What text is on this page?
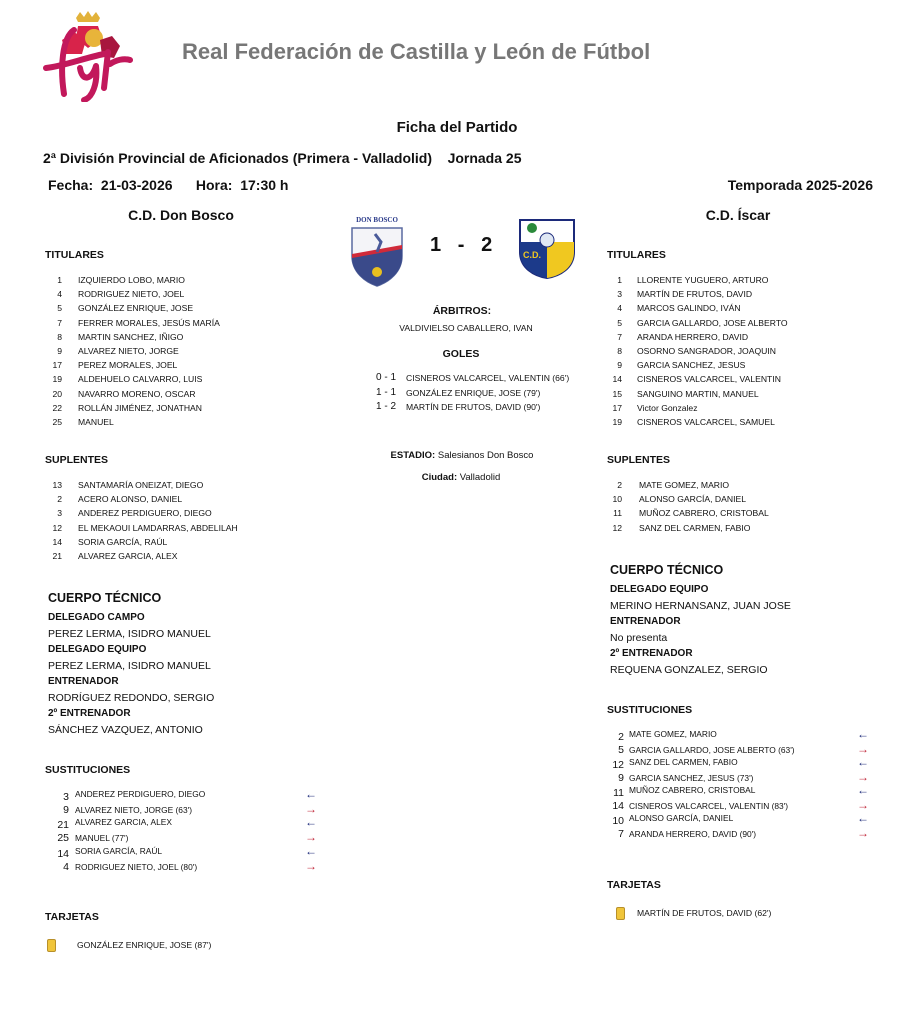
Real Federación de Castilla y León de Fútbol
Ficha del Partido
2ª División Provincial de Aficionados (Primera - Valladolid) Jornada 25
Fecha: 21-03-2026 Hora: 17:30 h	Temporada 2025-2026
C.D. Don Bosco	C.D. Íscar
DON BOSCO
C.D.
1 - 2
ÁRBITROS:
VALDIVIELSO CABALLERO, IVAN
GOLES
0 - 1 CISNEROS VALCARCEL, VALENTIN (66')
1 - 1 GONZÁLEZ ENRIQUE, JOSE (79')
1 - 2 MARTÍN DE FRUTOS, DAVID (90')
ESTADIO: Salesianos Don Bosco
Ciudad: Valladolid
TITULARES
SUPLENTES
CUERPO TÉCNICO
SUSTITUCIONES
TARJETAS
TITULARES
SUPLENTES
CUERPO TÉCNICO
SUSTITUCIONES
TARJETAS
1 IZQUIERDO LOBO, MARIO
4 RODRIGUEZ NIETO, JOEL
5 GONZÁLEZ ENRIQUE, JOSE
7 FERRER MORALES, JESÚS MARÍA
8 MARTIN SANCHEZ, IÑIGO
9 ALVAREZ NIETO, JORGE
17 PEREZ MORALES, JOEL
19 ALDEHUELO CALVARRO, LUIS
20 NAVARRO MORENO, OSCAR
22 ROLLÁN JIMÉNEZ, JONATHAN
25 MANUEL
13 SANTAMARÍA ONEIZAT, DIEGO
2 ACERO ALONSO, DANIEL
3 ANDEREZ PERDIGUERO, DIEGO
12 EL MEKAOUI LAMDARRAS, ABDELILAH
14 SORIA GARCÍA, RAÚL
21 ALVAREZ GARCIA, ALEX
1 LLORENTE YUGUERO, ARTURO
3 MARTÍN DE FRUTOS, DAVID
4 MARCOS GALINDO, IVÁN
5 GARCIA GALLARDO, JOSE ALBERTO
7 ARANDA HERRERO, DAVID
8 OSORNO SANGRADOR, JOAQUIN
9 GARCIA SANCHEZ, JESUS
14 CISNEROS VALCARCEL, VALENTIN
15 SANGUINO MARTIN, MANUEL
17 Victor Gonzalez
19 CISNEROS VALCARCEL, SAMUEL
2 MATE GOMEZ, MARIO
10 ALONSO GARCÍA, DANIEL
11 MUÑOZ CABRERO, CRISTOBAL
12 SANZ DEL CARMEN, FABIO
DELEGADO CAMPO
PEREZ LERMA, ISIDRO MANUEL
DELEGADO EQUIPO
PEREZ LERMA, ISIDRO MANUEL
ENTRENADOR
RODRÍGUEZ REDONDO, SERGIO
2º ENTRENADOR
SÁNCHEZ VAZQUEZ, ANTONIO
DELEGADO EQUIPO
MERINO HERNANSANZ, JUAN JOSE
ENTRENADOR
No presenta
2º ENTRENADOR
REQUENA GONZALEZ, SERGIO
3 ANDEREZ PERDIGUERO, DIEGO	←
9 ALVAREZ NIETO, JORGE (63')	→
21 ALVAREZ GARCIA, ALEX	←
25 MANUEL (77')	→
14 SORIA GARCÍA, RAÚL	←
4 RODRIGUEZ NIETO, JOEL (80')	→
2 MATE GOMEZ, MARIO	←
5 GARCIA GALLARDO, JOSE ALBERTO (63')	→
12 SANZ DEL CARMEN, FABIO	←
9 GARCIA SANCHEZ, JESUS (73')	→
11 MUÑOZ CABRERO, CRISTOBAL	←
14 CISNEROS VALCARCEL, VALENTIN (83')	→
10 ALONSO GARCÍA, DANIEL	←
7 ARANDA HERRERO, DAVID (90')	→
GONZÁLEZ ENRIQUE, JOSE (87')
MARTÍN DE FRUTOS, DAVID (62')
